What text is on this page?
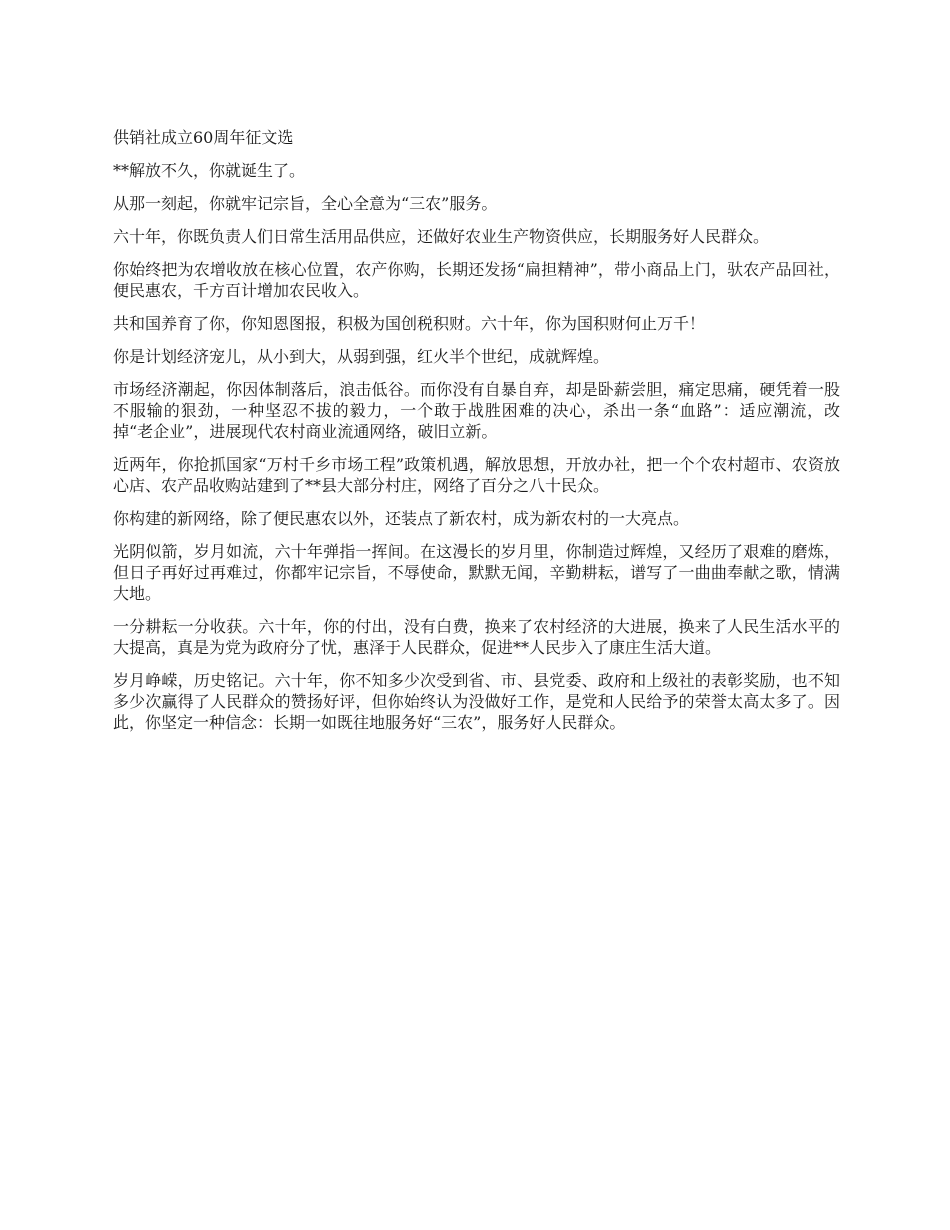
供销社成立60周年征文选

**解放不久，你就诞生了。

从那一刻起，你就牢记宗旨，全心全意为“三农”服务。

六十年，你既负责人们日常生活用品供应，还做好农业生产物资供应，长期服务好人民群众。

你始终把为农增收放在核心位置，农产你购，长期还发扬“扁担精神”，带小商品上门，驮农产品回社，便民惠农，千方百计增加农民收入。

共和国养育了你，你知恩图报，积极为国创税积财。六十年，你为国积财何止万千！

你是计划经济宠儿，从小到大，从弱到强，红火半个世纪，成就辉煌。

市场经济潮起，你因体制落后，浪击低谷。而你没有自暴自弃，却是卧薪尝胆，痛定思痛，硬凭着一股不服输的狠劲，一种坚忍不拔的毅力，一个敢于战胜困难的决心，杀出一条“血路”：适应潮流，改掉“老企业”，进展现代农村商业流通网络，破旧立新。

近两年，你抢抓国家“万村千乡市场工程”政策机遇，解放思想，开放办社，把一个个农村超市、农资放心店、农产品收购站建到了**县大部分村庄，网络了百分之八十民众。

你构建的新网络，除了便民惠农以外，还装点了新农村，成为新农村的一大亮点。

光阴似箭，岁月如流，六十年弹指一挥间。在这漫长的岁月里，你制造过辉煌，又经历了艰难的磨炼，但日子再好过再难过，你都牢记宗旨，不辱使命，默默无闻，辛勤耕耘，谱写了一曲曲奉献之歌，情满大地。

一分耕耘一分收获。六十年，你的付出，没有白费，换来了农村经济的大进展，换来了人民生活水平的大提高，真是为党为政府分了忧，惠泽于人民群众，促进**人民步入了康庄生活大道。

岁月峥嵘，历史铭记。六十年，你不知多少次受到省、市、县党委、政府和上级社的表彰奖励，也不知多少次赢得了人民群众的赞扬好评，但你始终认为没做好工作，是党和人民给予的荣誉太高太多了。因此，你坚定一种信念：长期一如既往地服务好“三农”，服务好人民群众。
